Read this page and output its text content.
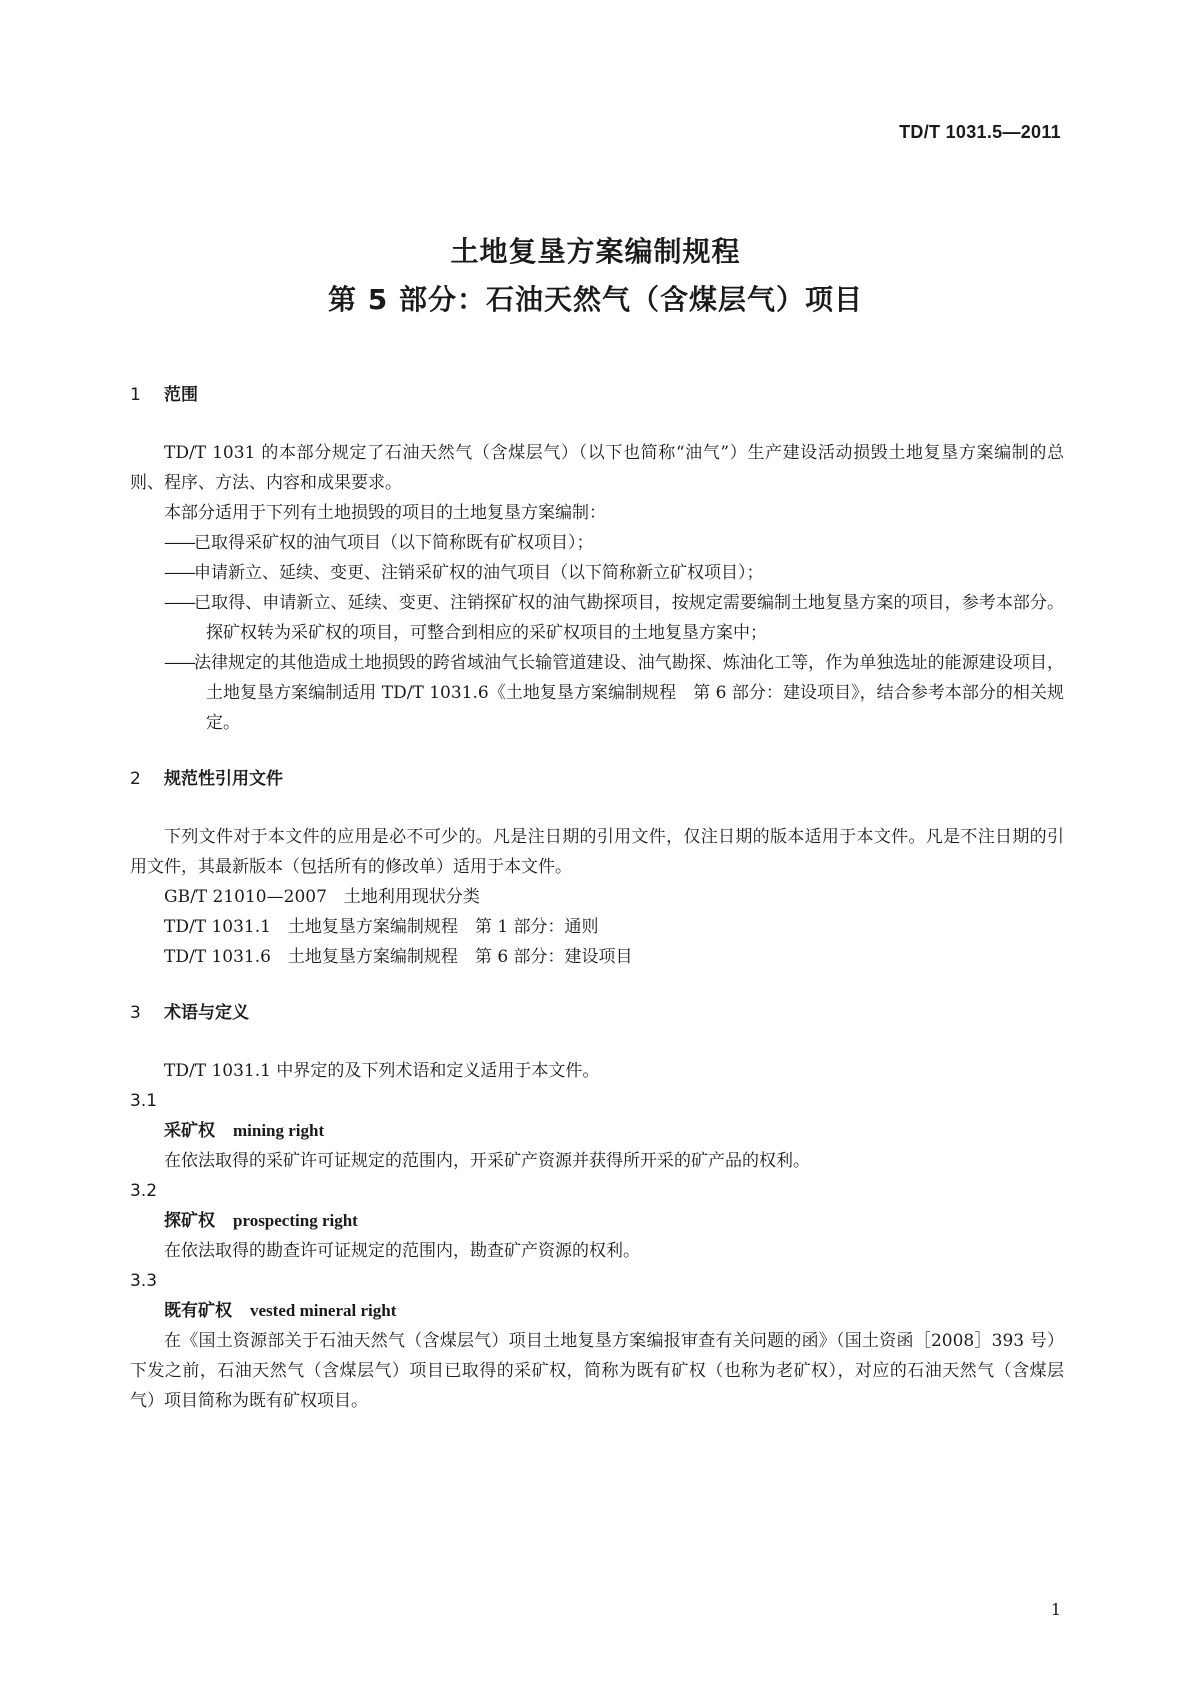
TD/T 1031.5—2011
土地复垦方案编制规程
第 5 部分：石油天然气（含煤层气）项目

1 范围

TD/T 1031 的本部分规定了石油天然气（含煤层气）（以下也简称“油气”）生产建设活动损毁土地复垦方案编制的总则、程序、方法、内容和成果要求。

本部分适用于下列有土地损毁的项目的土地复垦方案编制：

——已取得采矿权的油气项目（以下简称既有矿权项目）；

——申请新立、延续、变更、注销采矿权的油气项目（以下简称新立矿权项目）；

——已取得、申请新立、延续、变更、注销探矿权的油气勘探项目，按规定需要编制土地复垦方案的项目，参考本部分。探矿权转为采矿权的项目，可整合到相应的采矿权项目的土地复垦方案中；

——法律规定的其他造成土地损毁的跨省域油气长输管道建设、油气勘探、炼油化工等，作为单独选址的能源建设项目，土地复垦方案编制适用 TD/T 1031.6《土地复垦方案编制规程　第 6 部分：建设项目》，结合参考本部分的相关规定。

2 规范性引用文件

下列文件对于本文件的应用是必不可少的。凡是注日期的引用文件，仅注日期的版本适用于本文件。凡是不注日期的引用文件，其最新版本（包括所有的修改单）适用于本文件。

GB/T 21010—2007　土地利用现状分类

TD/T 1031.1　土地复垦方案编制规程　第 1 部分：通则

TD/T 1031.6　土地复垦方案编制规程　第 6 部分：建设项目

3 术语与定义

TD/T 1031.1 中界定的及下列术语和定义适用于本文件。

3.1

采矿权 mining right

在依法取得的采矿许可证规定的范围内，开采矿产资源并获得所开采的矿产品的权利。

3.2

探矿权 prospecting right

在依法取得的勘查许可证规定的范围内，勘查矿产资源的权利。

3.3

既有矿权 vested mineral right

在《国土资源部关于石油天然气（含煤层气）项目土地复垦方案编报审查有关问题的函》（国土资函［2008］393 号）下发之前，石油天然气（含煤层气）项目已取得的采矿权，简称为既有矿权（也称为老矿权），对应的石油天然气（含煤层气）项目简称为既有矿权项目。

1
